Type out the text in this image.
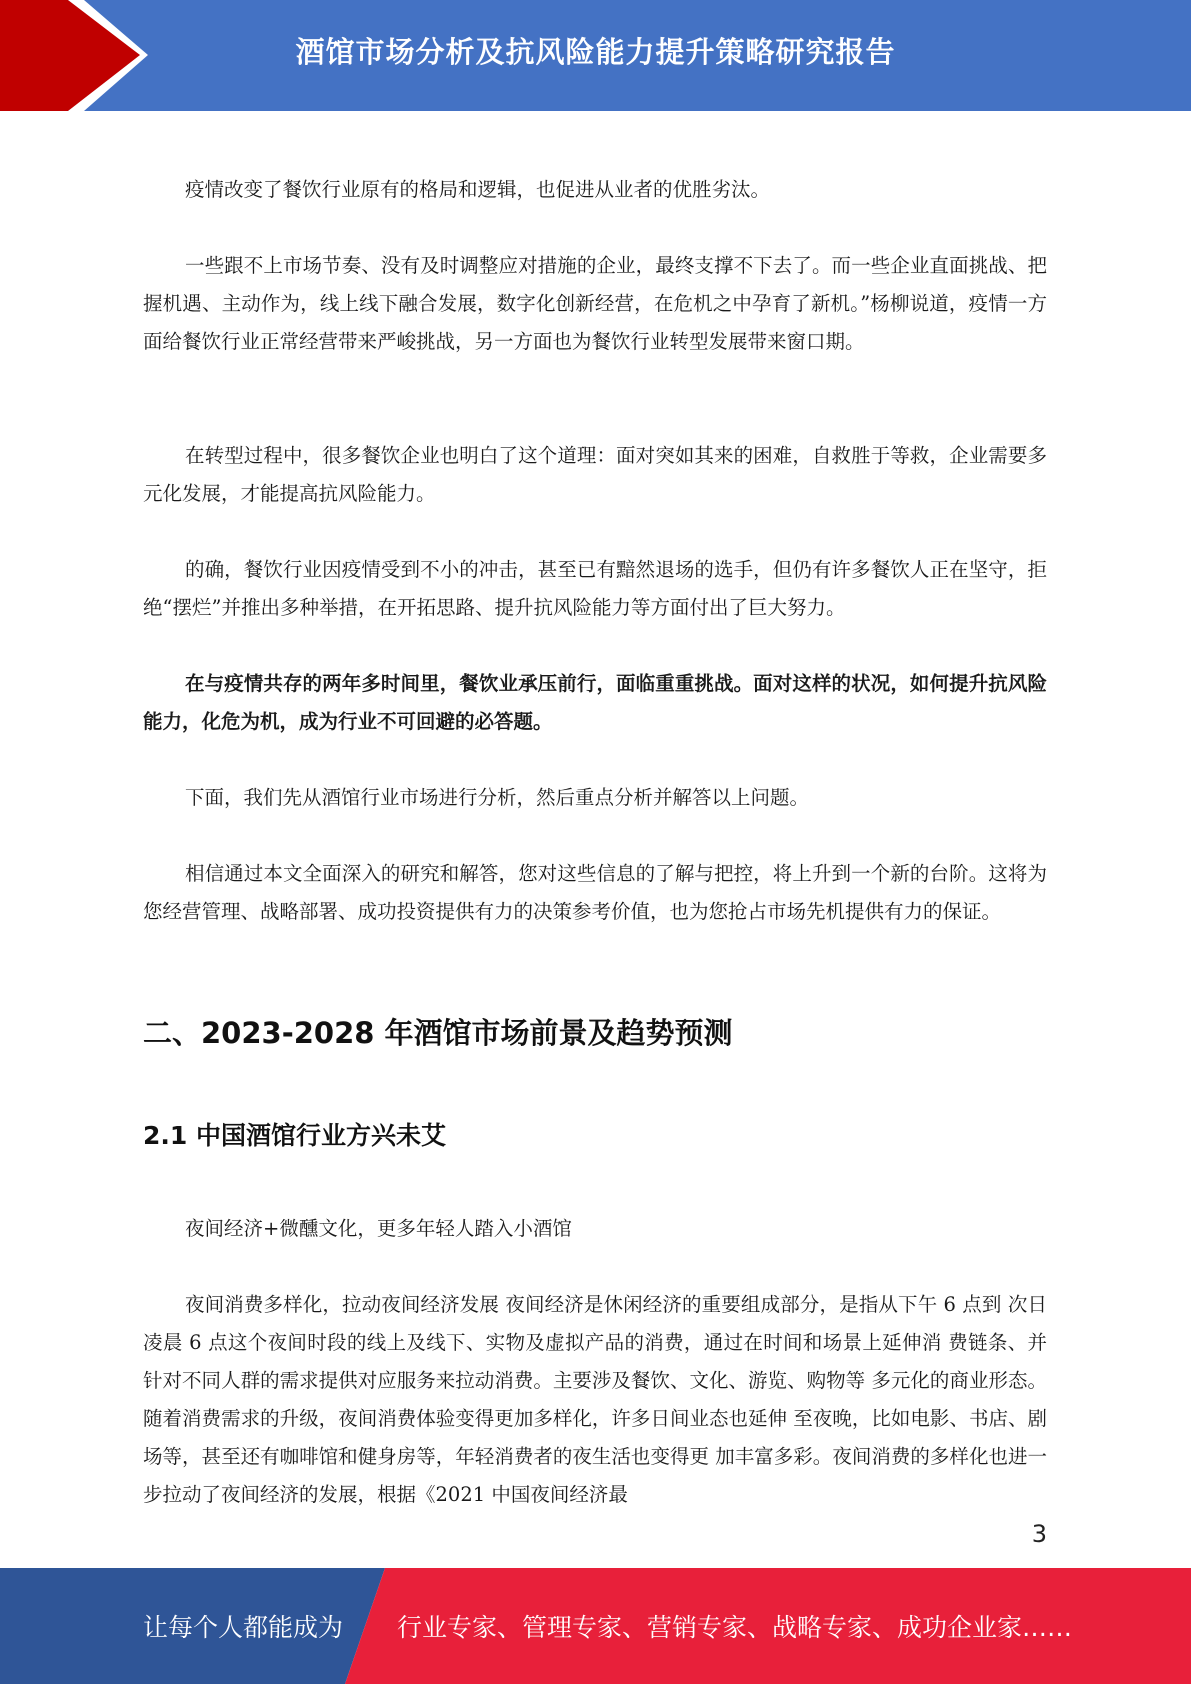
酒馆市场分析及抗风险能力提升策略研究报告

疫情改变了餐饮行业原有的格局和逻辑，也促进从业者的优胜劣汰。

一些跟不上市场节奏、没有及时调整应对措施的企业，最终支撑不下去了。而一些企业直面挑战、把握机遇、主动作为，线上线下融合发展，数字化创新经营，在危机之中孕育了新机。”杨柳说道，疫情一方面给餐饮行业正常经营带来严峻挑战，另一方面也为餐饮行业转型发展带来窗口期。

在转型过程中，很多餐饮企业也明白了这个道理：面对突如其来的困难，自救胜于等救，企业需要多元化发展，才能提高抗风险能力。

的确，餐饮行业因疫情受到不小的冲击，甚至已有黯然退场的选手，但仍有许多餐饮人正在坚守，拒绝“摆烂”并推出多种举措，在开拓思路、提升抗风险能力等方面付出了巨大努力。

在与疫情共存的两年多时间里，餐饮业承压前行，面临重重挑战。面对这样的状况，如何提升抗风险能力，化危为机，成为行业不可回避的必答题。

下面，我们先从酒馆行业市场进行分析，然后重点分析并解答以上问题。

相信通过本文全面深入的研究和解答，您对这些信息的了解与把控，将上升到一个新的台阶。这将为您经营管理、战略部署、成功投资提供有力的决策参考价值，也为您抢占市场先机提供有力的保证。

二、2023-2028 年酒馆市场前景及趋势预测
2.1 中国酒馆行业方兴未艾

夜间经济+微醺文化，更多年轻人踏入小酒馆

夜间消费多样化，拉动夜间经济发展 夜间经济是休闲经济的重要组成部分，是指从下午 6 点到 次日凌晨 6 点这个夜间时段的线上及线下、实物及虚拟产品的消费，通过在时间和场景上延伸消 费链条、并针对不同人群的需求提供对应服务来拉动消费。主要涉及餐饮、文化、游览、购物等 多元化的商业形态。随着消费需求的升级，夜间消费体验变得更加多样化，许多日间业态也延伸 至夜晚，比如电影、书店、剧场等，甚至还有咖啡馆和健身房等，年轻消费者的夜生活也变得更 加丰富多彩。夜间消费的多样化也进一步拉动了夜间经济的发展，根据《2021 中国夜间经济最

3
让每个人都能成为 行业专家、管理专家、营销专家、战略专家、成功企业家……
